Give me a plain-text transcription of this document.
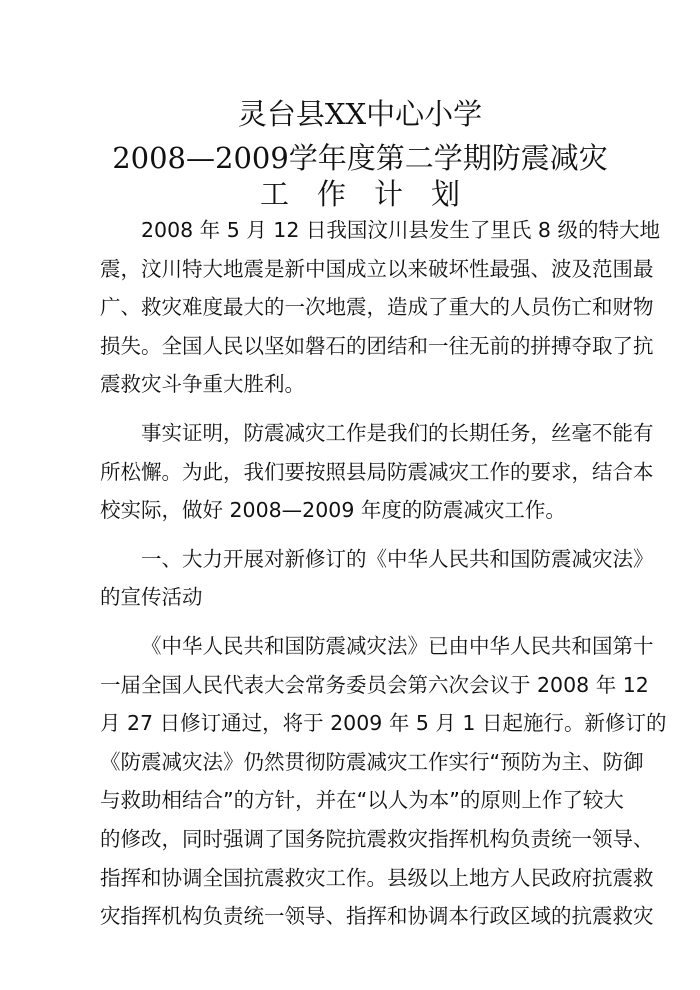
灵台县XX中心小学
2008—2009学年度第二学期防震减灾
工作计划
2008 年 5 月 12 日我国汶川县发生了里氏 8 级的特大地
震，汶川特大地震是新中国成立以来破坏性最强、波及范围最
广、救灾难度最大的一次地震，造成了重大的人员伤亡和财物
损失。全国人民以坚如磐石的团结和一往无前的拼搏夺取了抗
震救灾斗争重大胜利。
事实证明，防震减灾工作是我们的长期任务，丝毫不能有
所松懈。为此，我们要按照县局防震减灾工作的要求，结合本
校实际，做好 2008—2009 年度的防震减灾工作。
一、大力开展对新修订的《中华人民共和国防震减灾法》
的宣传活动
《中华人民共和国防震减灾法》已由中华人民共和国第十
一届全国人民代表大会常务委员会第六次会议于 2008 年 12
月 27 日修订通过，将于 2009 年 5 月 1 日起施行。新修订的
《防震减灾法》仍然贯彻防震减灾工作实行“预防为主、防御
与救助相结合”的方针，并在“以人为本”的原则上作了较大
的修改，同时强调了国务院抗震救灾指挥机构负责统一领导、
指挥和协调全国抗震救灾工作。县级以上地方人民政府抗震救
灾指挥机构负责统一领导、指挥和协调本行政区域的抗震救灾
